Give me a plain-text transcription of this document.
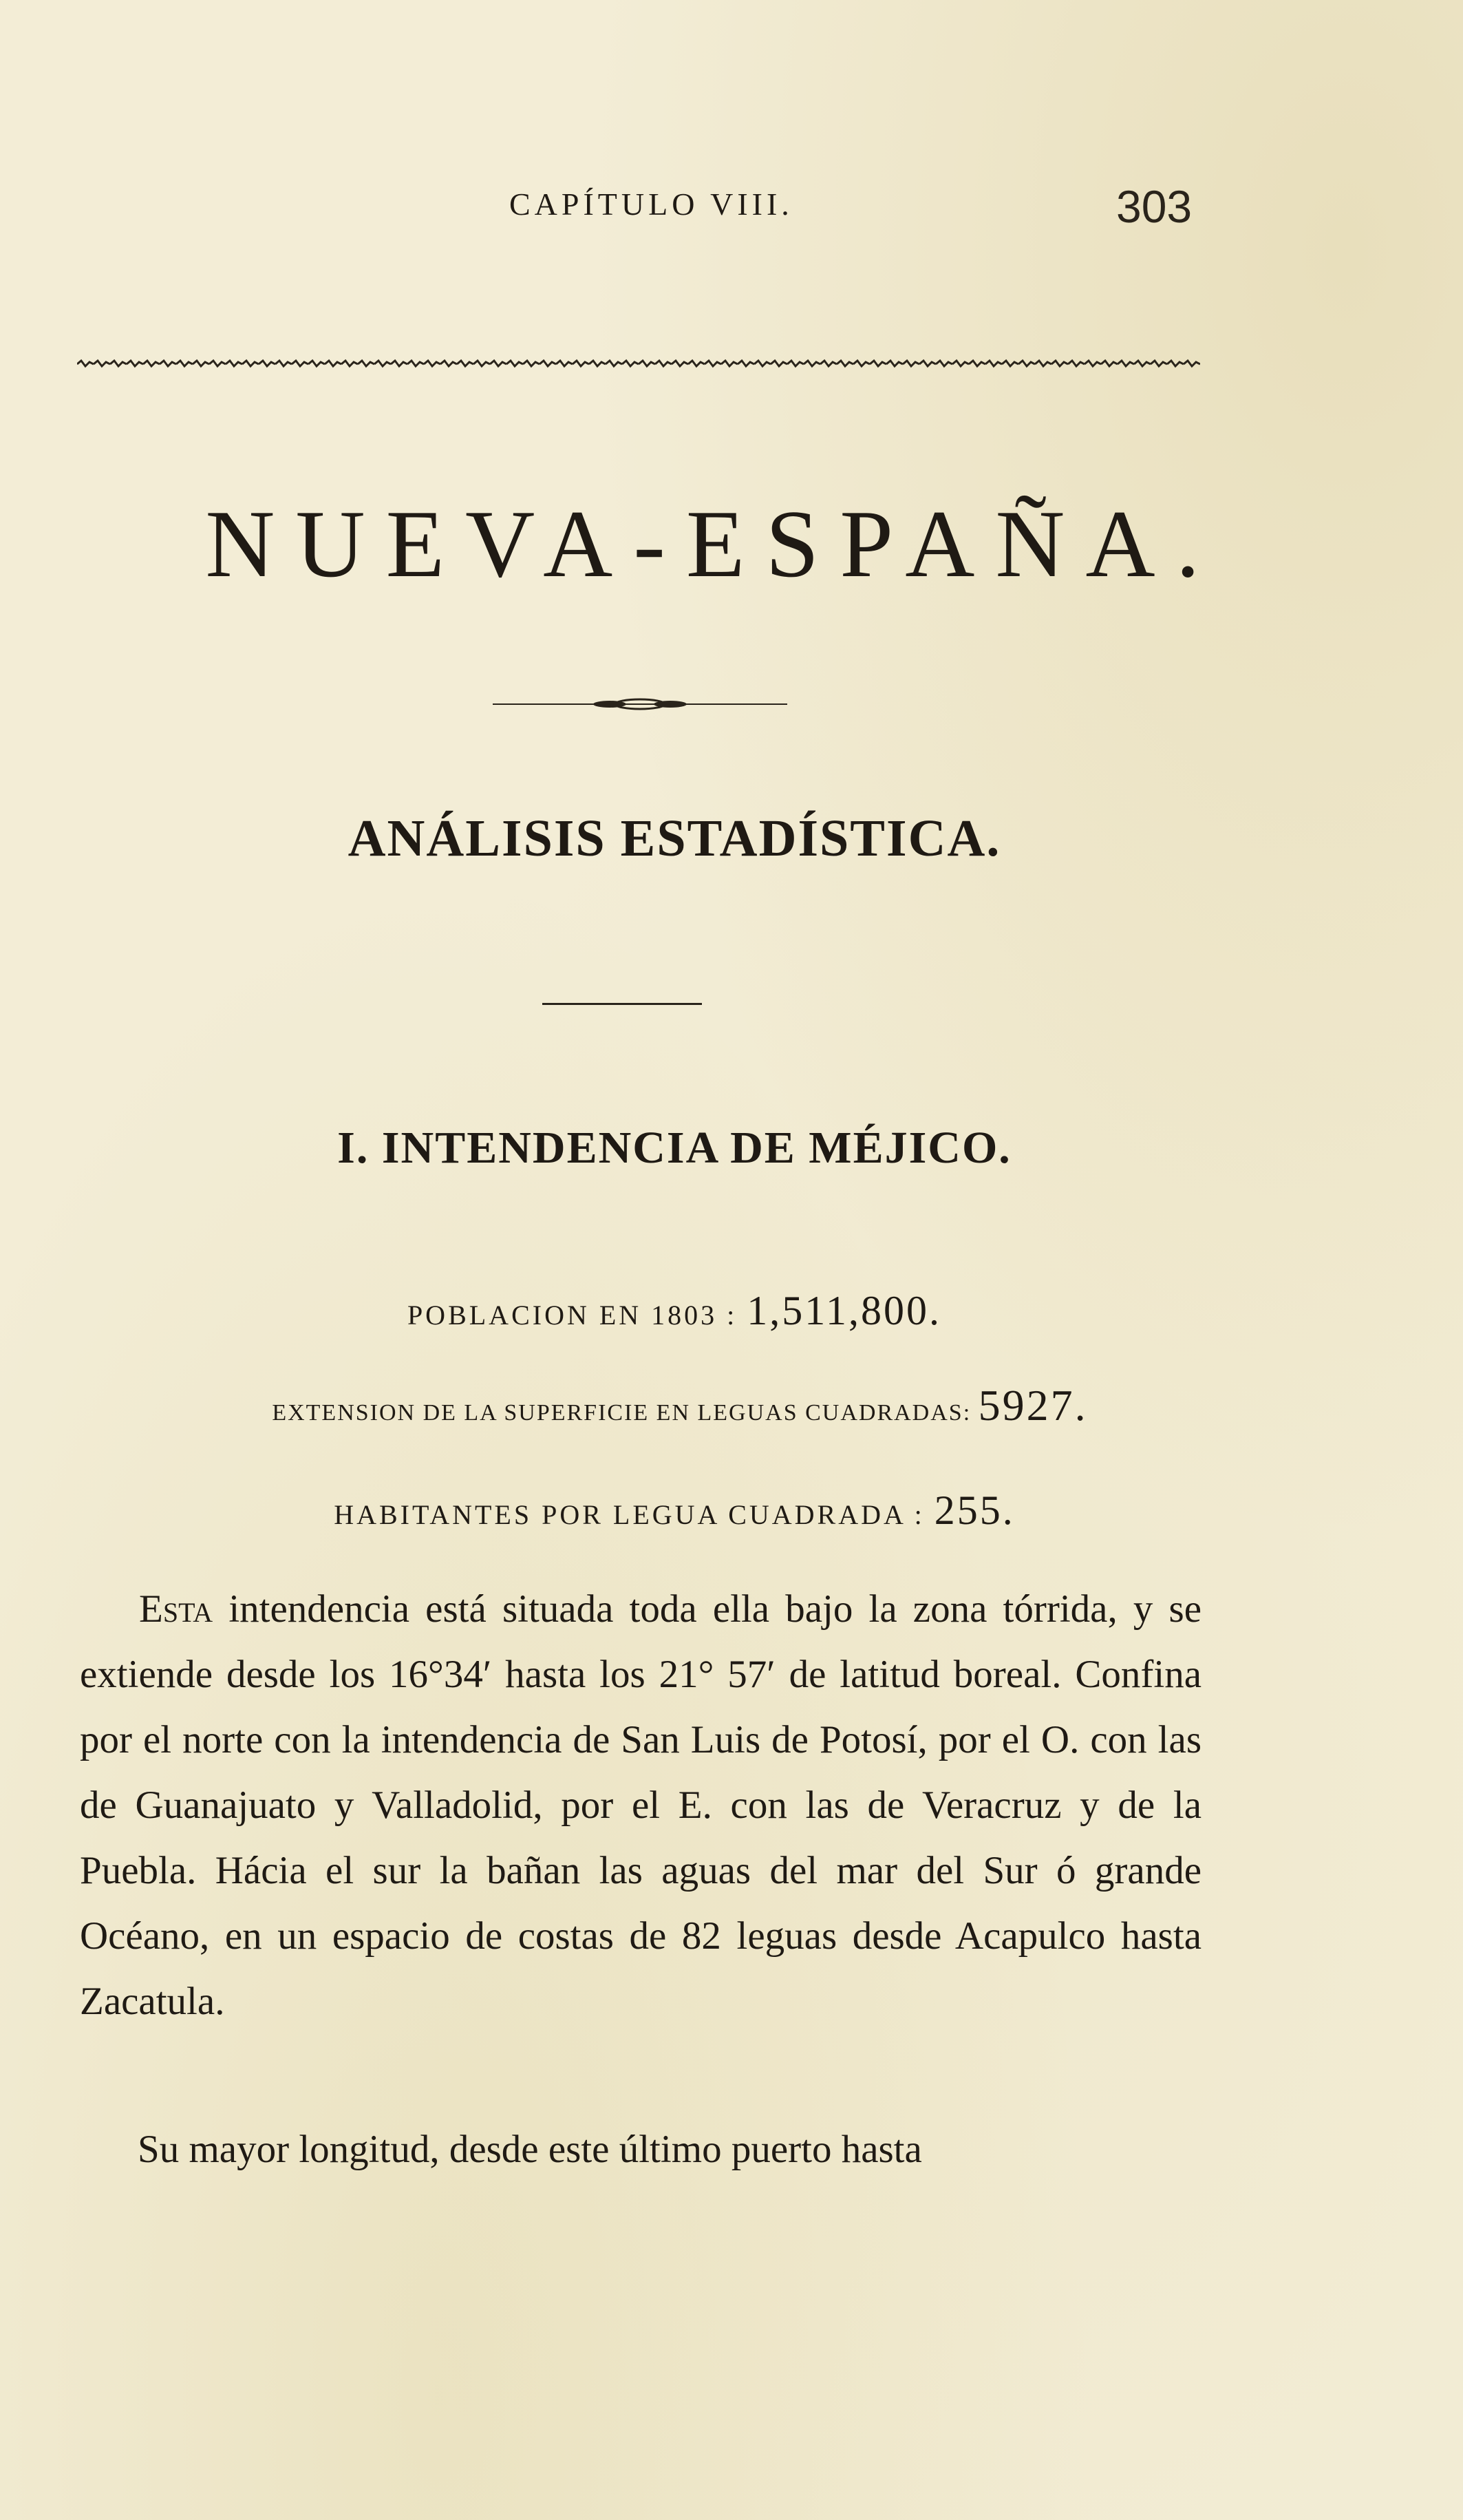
CAPÍTULO VIII.	303
NUEVA-ESPAÑA.
ANÁLISIS ESTADÍSTICA.
I. INTENDENCIA DE MÉJICO.

POBLACION EN 1803 : 1,511,800.

EXTENSION DE LA SUPERFICIE EN LEGUAS CUADRADAS: 5927.

HABITANTES POR LEGUA CUADRADA : 255.

Esta intendencia está situada toda ella bajo la zona tórrida, y se extiende desde los 16°34′ hasta los 21° 57′ de latitud boreal. Confina por el norte con la intendencia de San Luis de Potosí, por el O. con las de Guanajuato y Valladolid, por el E. con las de Veracruz y de la Puebla. Hácia el sur la bañan las aguas del mar del Sur ó grande Océano, en un espacio de costas de 82 leguas desde Acapulco hasta Zacatula.

Su mayor longitud, desde este último puerto hasta
